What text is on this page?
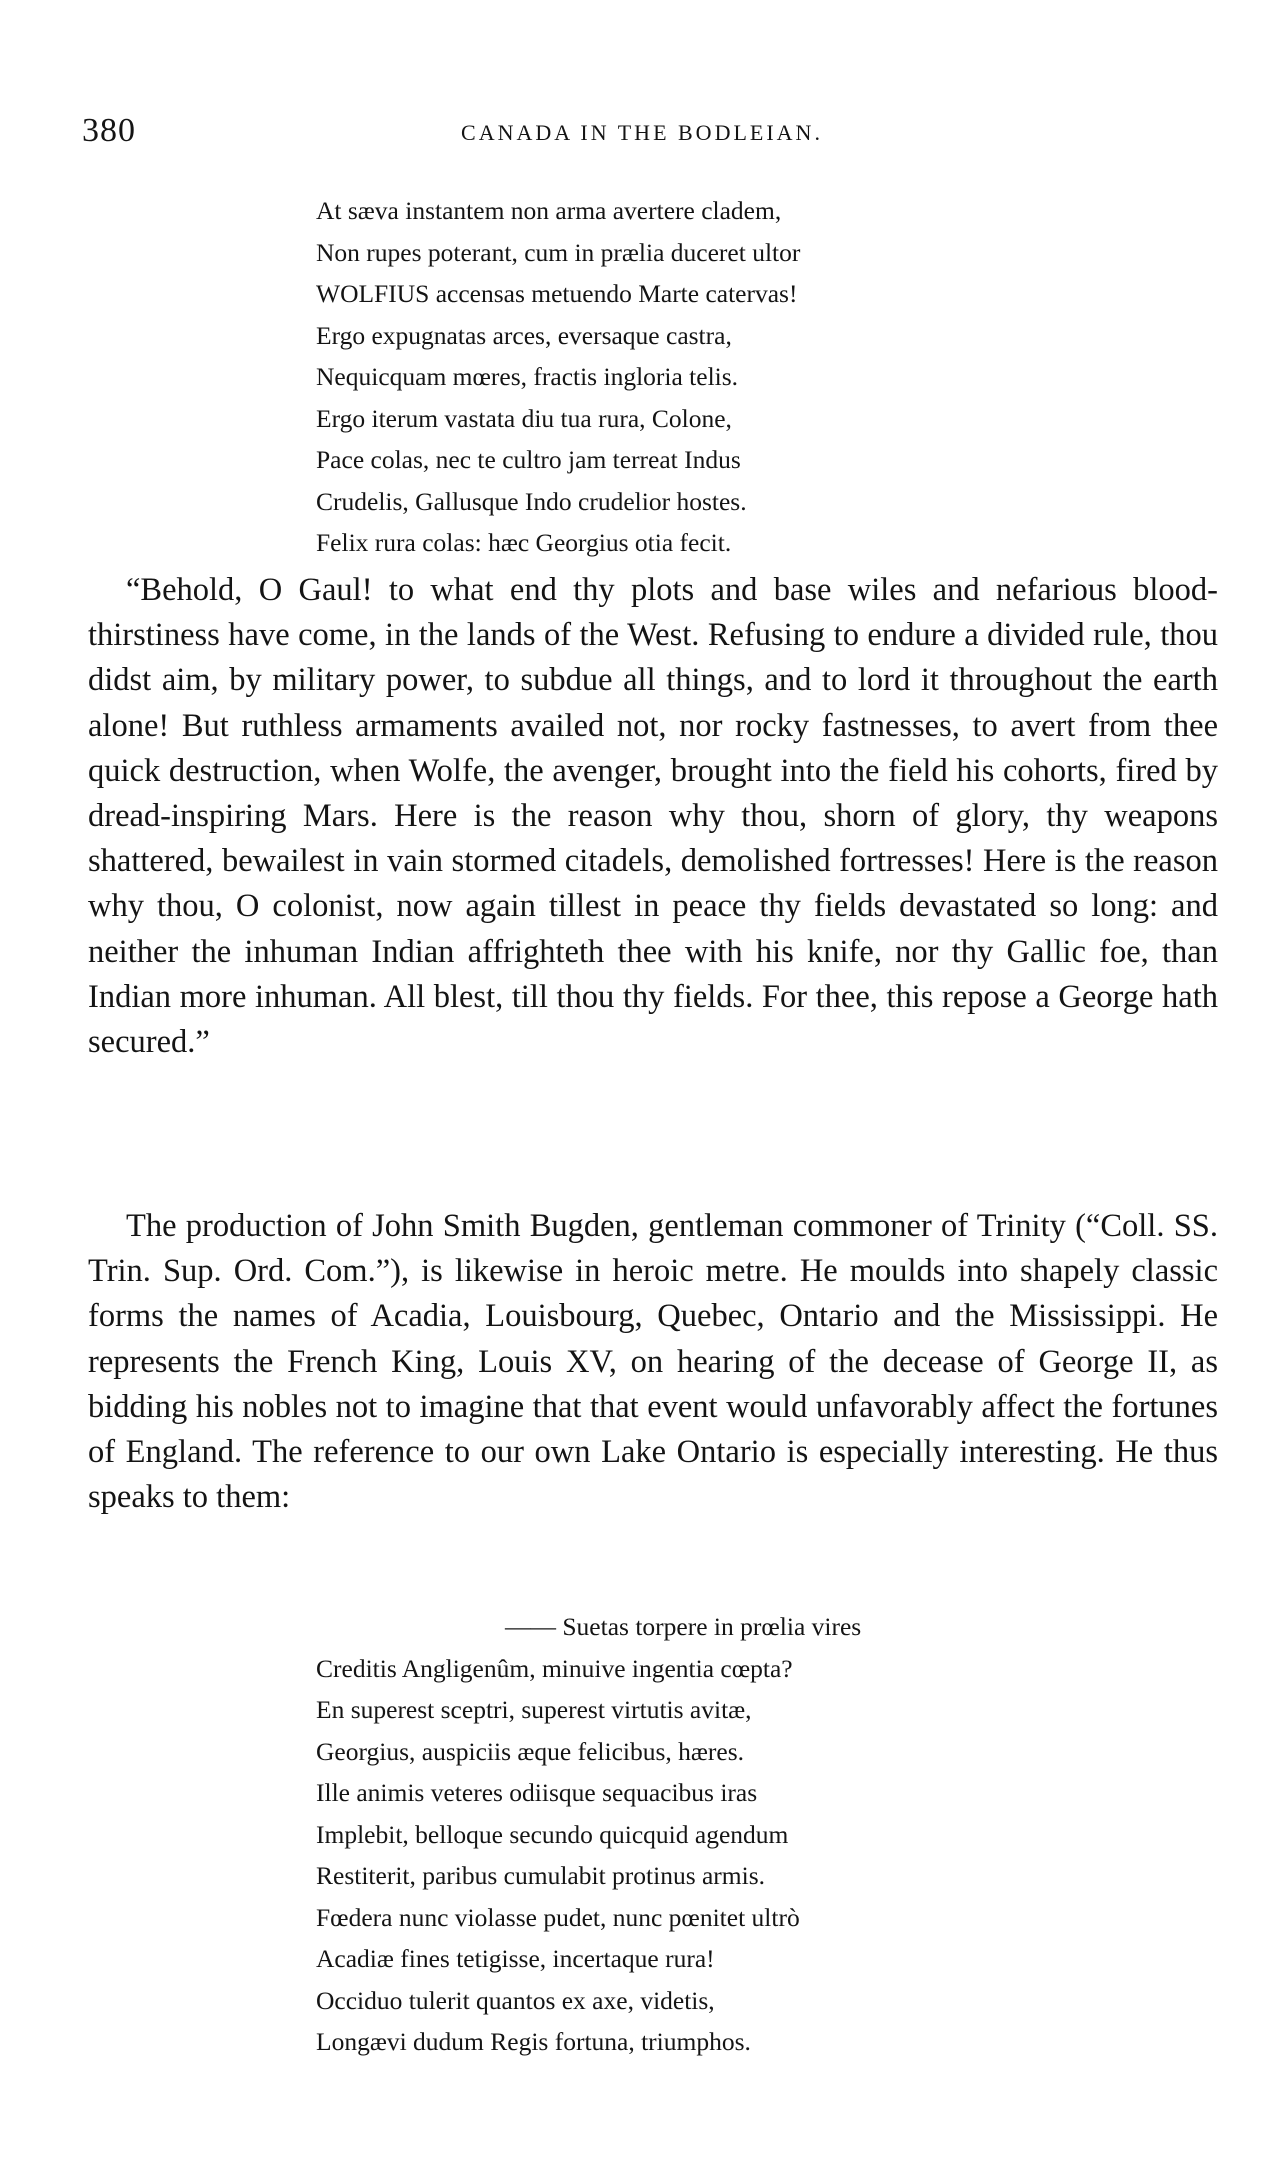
380	CANADA IN THE BODLEIAN.
At sæva instantem non arma avertere cladem,
Non rupes poterant, cum in prælia duceret ultor
WOLFIUS accensas metuendo Marte catervas!
Ergo expugnatas arces, eversaque castra,
Nequicquam mœres, fractis ingloria telis.
Ergo iterum vastata diu tua rura, Colone,
Pace colas, nec te cultro jam terreat Indus
Crudelis, Gallusque Indo crudelior hostes.
Felix rura colas: hæc Georgius otia fecit.

“Behold, O Gaul! to what end thy plots and base wiles and nefarious blood-thirstiness have come, in the lands of the West. Refusing to endure a divided rule, thou didst aim, by military power, to subdue all things, and to lord it throughout the earth alone! But ruthless armaments availed not, nor rocky fastnesses, to avert from thee quick destruction, when Wolfe, the avenger, brought into the field his cohorts, fired by dread-inspiring Mars. Here is the reason why thou, shorn of glory, thy weapons shattered, bewailest in vain stormed citadels, demolished fortresses! Here is the reason why thou, O colonist, now again tillest in peace thy fields devastated so long: and neither the inhuman Indian affrighteth thee with his knife, nor thy Gallic foe, than Indian more inhuman. All blest, till thou thy fields. For thee, this repose a George hath secured.”

The production of John Smith Bugden, gentleman commoner of Trinity (“Coll. SS. Trin. Sup. Ord. Com.”), is likewise in heroic metre. He moulds into shapely classic forms the names of Acadia, Louisbourg, Quebec, Ontario and the Mississippi. He represents the French King, Louis XV, on hearing of the decease of George II, as bidding his nobles not to imagine that that event would unfavorably affect the fortunes of England. The reference to our own Lake Ontario is especially interesting. He thus speaks to them:

—— Suetas torpere in prœlia vires
Creditis Angligenûm, minuive ingentia cœpta?
En superest sceptri, superest virtutis avitæ,
Georgius, auspiciis æque felicibus, hæres.
Ille animis veteres odiisque sequacibus iras
Implebit, belloque secundo quicquid agendum
Restiterit, paribus cumulabit protinus armis.
Fœdera nunc violasse pudet, nunc pœnitet ultrò
Acadiæ fines tetigisse, incertaque rura!
Occiduo tulerit quantos ex axe, videtis,
Longævi dudum Regis fortuna, triumphos.
